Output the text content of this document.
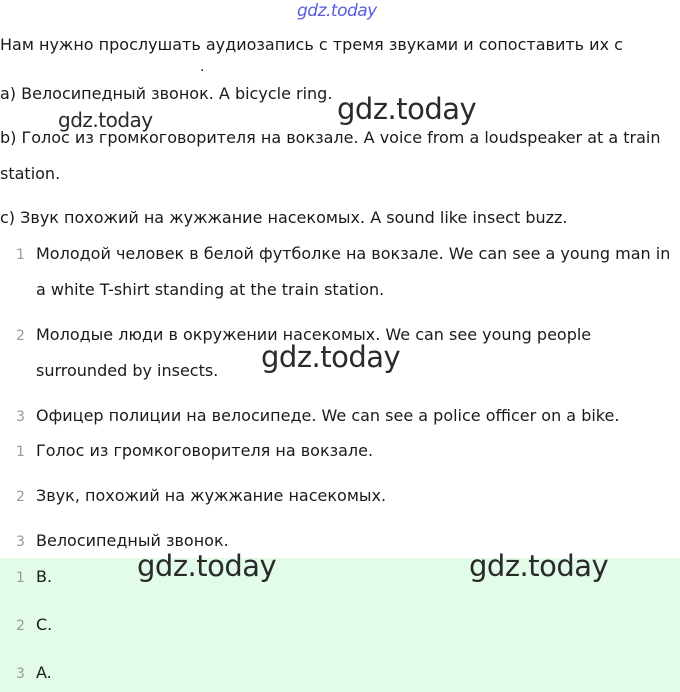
gdz.today
gdz.today
gdz.today
gdz.today
gdz.today	gdz.today
Нам нужно прослушать аудиозапись с тремя звуками и сопоставить их с
.
a) Велосипедный звонок. A bicycle ring.
b) Голос из громкоговорителя на вокзале. A voice from a loudspeaker at a train
station.
c) Звук похожий на жужжание насекомых. A sound like insect buzz.
1 Молодой человек в белой футболке на вокзале. We can see a young man in
a white T-shirt standing at the train station.
2 Молодые люди в окружении насекомых. We can see young people
surrounded by insects.
3 Офицер полиции на велосипеде. We can see a police officer on a bike.
1 Голос из громкоговорителя на вокзале.
2 Звук, похожий на жужжание насекомых.
3 Велосипедный звонок.
1 B.
2 C.
3 A.
